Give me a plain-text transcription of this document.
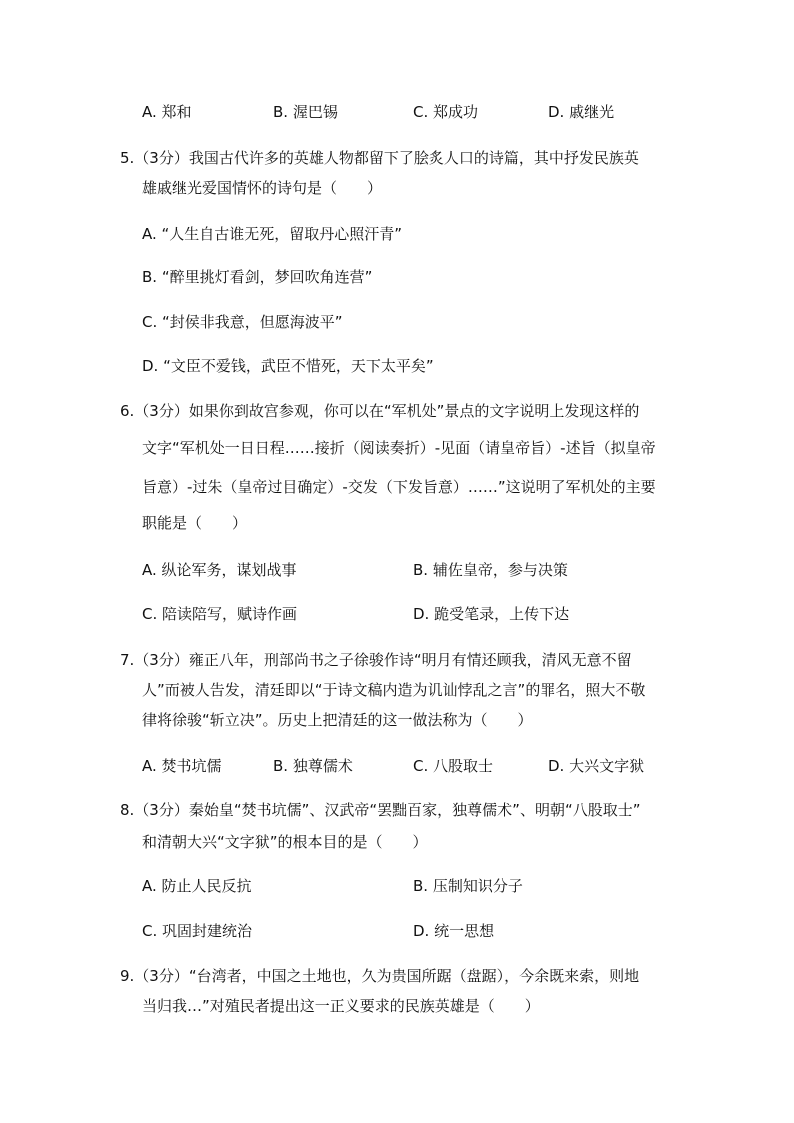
A. 郑和	B. 渥巴锡	C. 郑成功	D. 戚继光
5.（3分）我国古代许多的英雄人物都留下了脍炙人口的诗篇，其中抒发民族英
雄戚继光爱国情怀的诗句是（　　）
A. “人生自古谁无死，留取丹心照汗青”
B. “醉里挑灯看剑，梦回吹角连营”
C. “封侯非我意，但愿海波平”
D. “文臣不爱钱，武臣不惜死，天下太平矣”
6.（3分）如果你到故宫参观，你可以在“军机处”景点的文字说明上发现这样的
文字“军机处一日日程……接折（阅读奏折）-见面（请皇帝旨）-述旨（拟皇帝
旨意）-过朱（皇帝过目确定）-交发（下发旨意）……”这说明了军机处的主要
职能是（　　）
A. 纵论军务，谋划战事	B. 辅佐皇帝，参与决策
C. 陪读陪写，赋诗作画	D. 跪受笔录，上传下达
7.（3分）雍正八年，刑部尚书之子徐骏作诗“明月有情还顾我，清风无意不留
人”而被人告发，清廷即以“于诗文稿内造为讥讪悖乱之言”的罪名，照大不敬
律将徐骏“斩立决”。历史上把清廷的这一做法称为（　　）
A. 焚书坑儒	B. 独尊儒术	C. 八股取士	D. 大兴文字狱
8.（3分）秦始皇“焚书坑儒”、汉武帝“罢黜百家，独尊儒术”、明朝“八股取士”
和清朝大兴“文字狱”的根本目的是（　　）
A. 防止人民反抗	B. 压制知识分子
C. 巩固封建统治	D. 统一思想
9.（3分）“台湾者，中国之土地也，久为贵国所踞（盘踞），今余既来索，则地
当归我…”对殖民者提出这一正义要求的民族英雄是（　　）
